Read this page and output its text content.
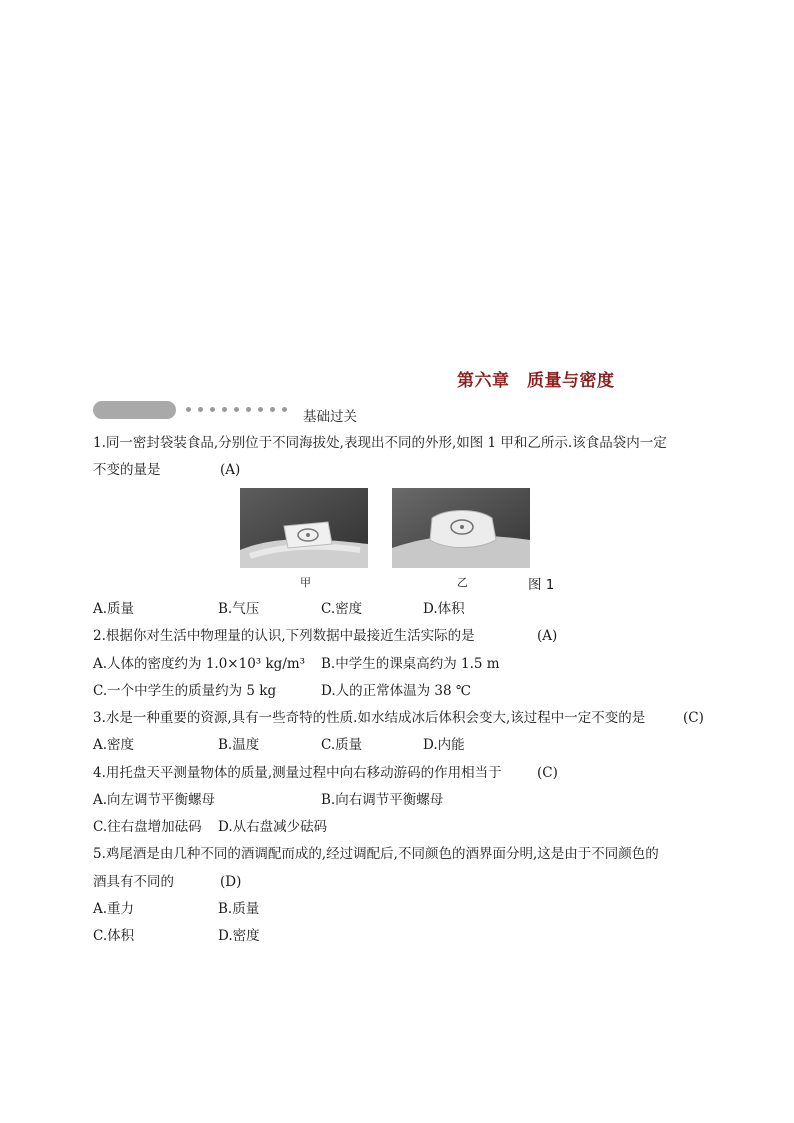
第六章　质量与密度
基础过关
1.同一密封袋装食品,分别位于不同海拔处,表现出不同的外形,如图 1 甲和乙所示.该食品袋内一定
不变的量是	(A)
甲	乙	图 1
A.质量	B.气压	C.密度	D.体积
2.根据你对生活中物理量的认识,下列数据中最接近生活实际的是	(A)
A.人体的密度约为 1.0×10³ kg/m³ B.中学生的课桌高约为 1.5 m
C.一个中学生的质量约为 5 kg	D.人的正常体温为 38 ℃
3.水是一种重要的资源,具有一些奇特的性质.如水结成冰后体积会变大,该过程中一定不变的是	(C)
A.密度	B.温度	C.质量	D.内能
4.用托盘天平测量物体的质量,测量过程中向右移动游码的作用相当于	(C)
A.向左调节平衡螺母	B.向右调节平衡螺母
C.往右盘增加砝码 D.从右盘减少砝码
5.鸡尾酒是由几种不同的酒调配而成的,经过调配后,不同颜色的酒界面分明,这是由于不同颜色的
酒具有不同的	(D)
A.重力	B.质量
C.体积	D.密度
